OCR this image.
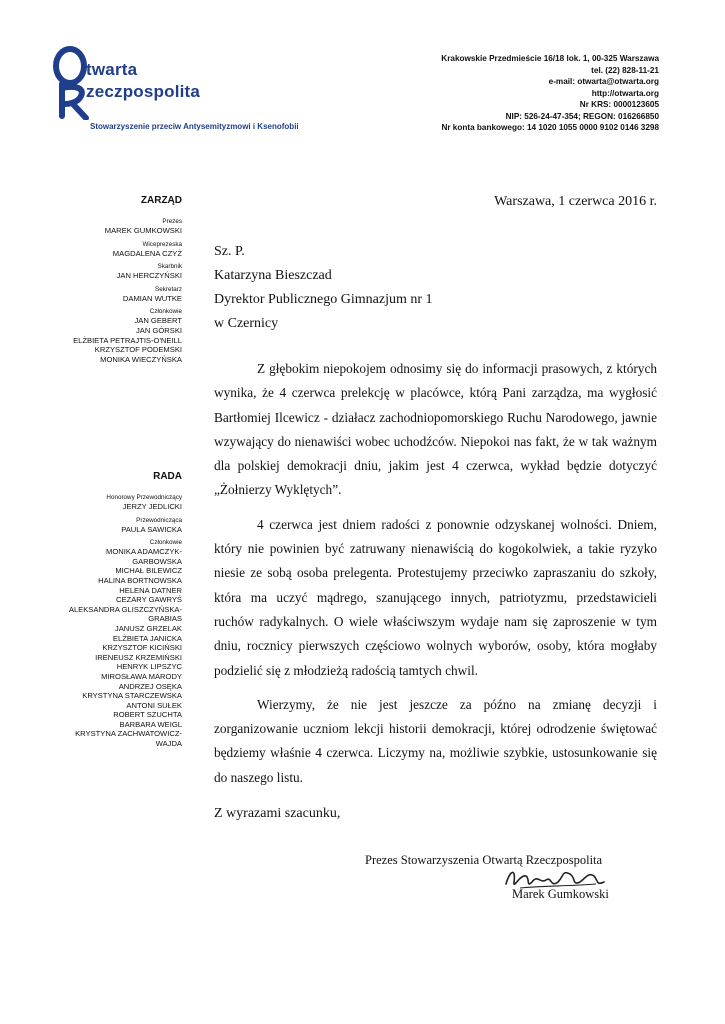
twarta
zeczpospolita
Stowarzyszenie przeciw Antysemityzmowi i Ksenofobii
Krakowskie Przedmieście 16/18 lok. 1, 00-325 Warszawa
tel. (22) 828-11-21
e-mail: otwarta@otwarta.org
http://otwarta.org
Nr KRS: 0000123605
NIP: 526-24-47-354; REGON: 016266850
Nr konta bankowego: 14 1020 1055 0000 9102 0146 3298
ZARZĄD
Prezes
MAREK GUMKOWSKI
Wiceprezeska
MAGDALENA CZYŻ
Skarbnik
JAN HERCZYŃSKI
Sekretarz
DAMIAN WUTKE
Członkowie
JAN GEBERT
JAN GÓRSKI
ELŻBIETA PETRAJTIS-O'NEILL
KRZYSZTOF PODEMSKI
MONIKA WIECZYŃSKA
RADA
Honorowy Przewodniczący
JERZY JEDLICKI
Przewodnicząca
PAULA SAWICKA
Członkowie
MONIKA ADAMCZYK-
GARBOWSKA
MICHAŁ BILEWICZ
HALINA BORTNOWSKA
HELENA DATNER
CEZARY GAWRYŚ
ALEKSANDRA GLISZCZYŃSKA-
GRABIAS
JANUSZ GRZELAK
ELŻBIETA JANICKA
KRZYSZTOF KICIŃSKI
IRENEUSZ KRZEMIŃSKI
HENRYK LIPSZYC
MIROSŁAWA MARODY
ANDRZEJ OSĘKA
KRYSTYNA STARCZEWSKA
ANTONI SUŁEK
ROBERT SZUCHTA
BARBARA WEIGL
KRYSTYNA ZACHWATOWICZ-
WAJDA
Warszawa, 1 czerwca 2016 r.
Sz. P.
Katarzyna Bieszczad
Dyrektor Publicznego Gimnazjum nr 1
w Czernicy

Z głębokim niepokojem odnosimy się do informacji prasowych, z których wynika, że 4 czerwca prelekcję w placówce, którą Pani zarządza, ma wygłosić Bartłomiej Ilcewicz - działacz zachodniopomorskiego Ruchu Narodowego, jawnie wzywający do nienawiści wobec uchodźców. Niepokoi nas fakt, że w tak ważnym dla polskiej demokracji dniu, jakim jest 4 czerwca, wykład będzie dotyczyć „Żołnierzy Wyklętych”.

4 czerwca jest dniem radości z ponownie odzyskanej wolności. Dniem, który nie powinien być zatruwany nienawiścią do kogokolwiek, a takie ryzyko niesie ze sobą osoba prelegenta. Protestujemy przeciwko zapraszaniu do szkoły, która ma uczyć mądrego, szanującego innych, patriotyzmu, przedstawicieli ruchów radykalnych. O wiele właściwszym wydaje nam się zaproszenie w tym dniu, rocznicy pierwszych częściowo wolnych wyborów, osoby, która mogłaby podzielić się z młodzieżą radością tamtych chwil.

Wierzymy, że nie jest jeszcze za późno na zmianę decyzji i zorganizowanie uczniom lekcji historii demokracji, której odrodzenie świętować będziemy właśnie 4 czerwca. Liczymy na, możliwie szybkie, ustosunkowanie się do naszego listu.

Z wyrazami szacunku,
Prezes Stowarzyszenia Otwartą Rzeczpospolita
Marek Gumkowski
